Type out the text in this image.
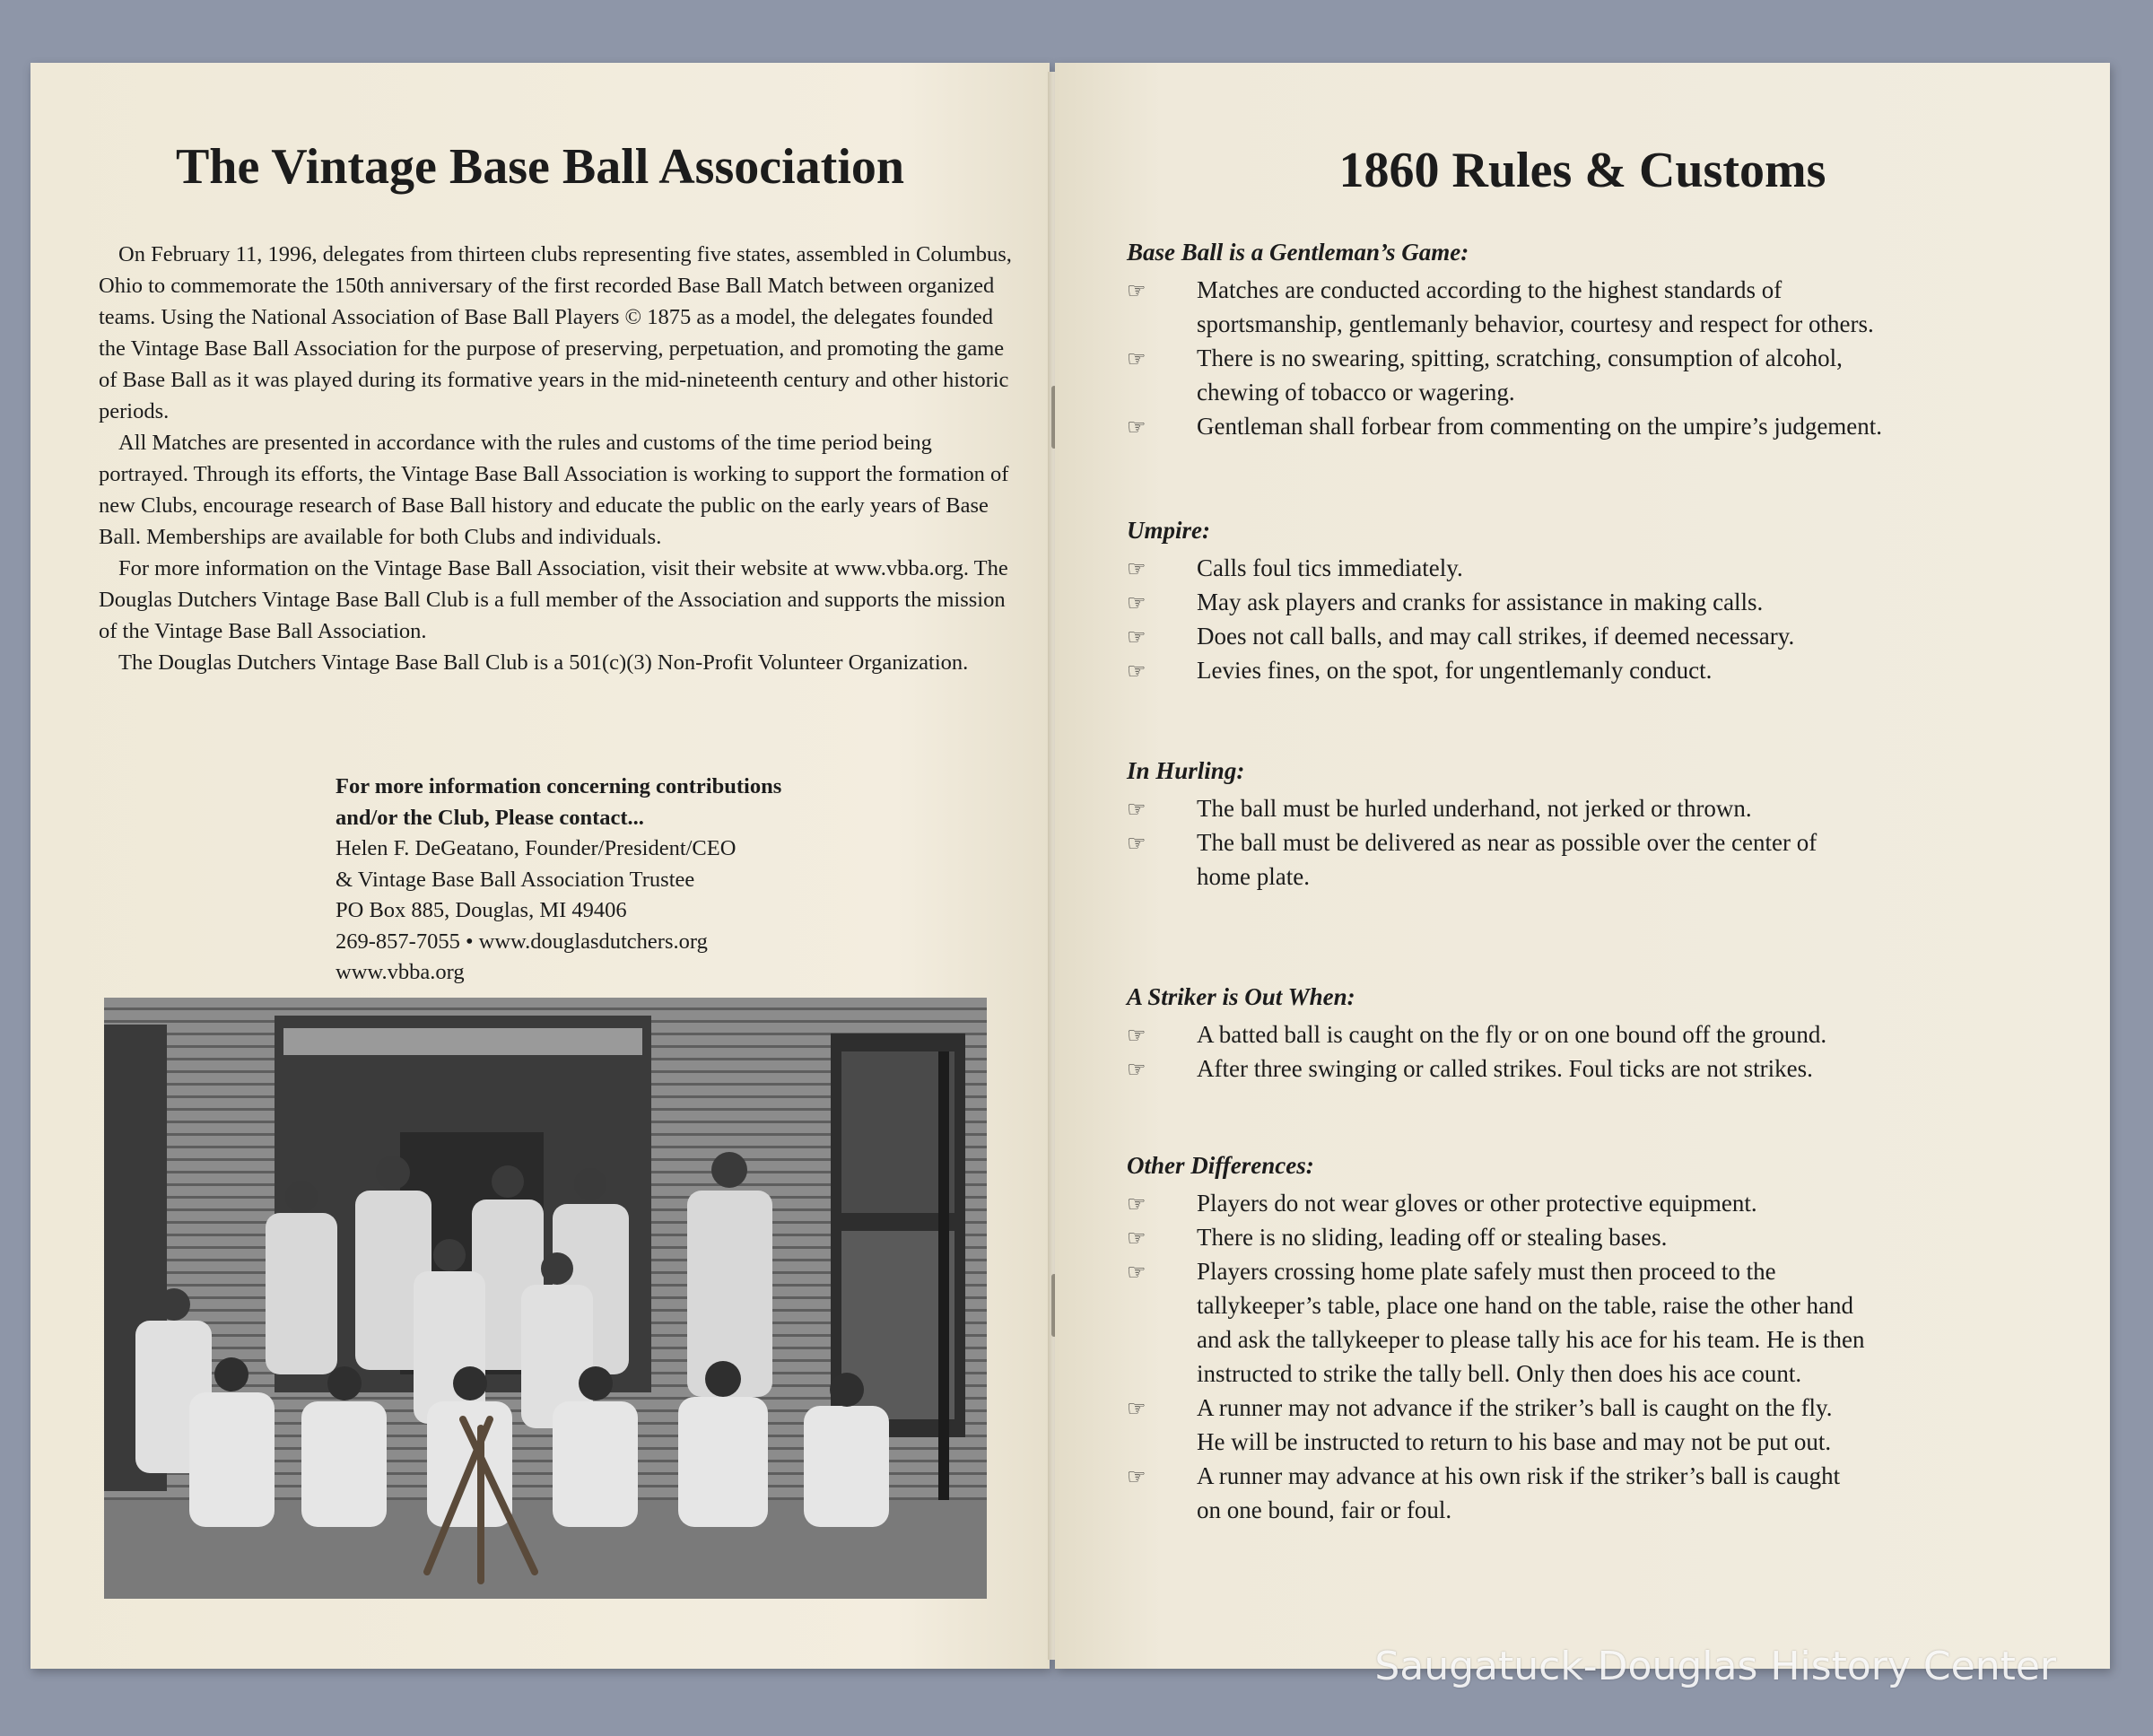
The Vintage Base Ball Association

On February 11, 1996, delegates from thirteen clubs representing five states, assembled in Columbus, Ohio to commemorate the 150th anniversary of the first recorded Base Ball Match between organized teams. Using the National Association of Base Ball Players © 1875 as a model, the delegates founded the Vintage Base Ball Association for the purpose of preserving, perpetuation, and promoting the game of Base Ball as it was played during its formative years in the mid-nineteenth century and other historic periods.

All Matches are presented in accordance with the rules and customs of the time period being portrayed. Through its efforts, the Vintage Base Ball Association is working to support the formation of new Clubs, encourage research of Base Ball history and educate the public on the early years of Base Ball. Memberships are available for both Clubs and individuals.

For more information on the Vintage Base Ball Association, visit their website at www.vbba.org. The Douglas Dutchers Vintage Base Ball Club is a full member of the Association and supports the mission of the Vintage Base Ball Association.

The Douglas Dutchers Vintage Base Ball Club is a 501(c)(3) Non-Profit Volunteer Organization.

For more information concerning contributions
and/or the Club, Please contact...
Helen F. DeGeatano, Founder/President/CEO
& Vintage Base Ball Association Trustee
PO Box 885, Douglas, MI 49406
269-857-7055 • www.douglasdutchers.org
www.vbba.org
1860 Rules & Customs
Base Ball is a Gentleman’s Game:
☞	Matches are conducted according to the highest standards of
sportsmanship, gentlemanly behavior, courtesy and respect for others.
☞	There is no swearing, spitting, scratching, consumption of alcohol,
chewing of tobacco or wagering.
☞	Gentleman shall forbear from commenting on the umpire’s judgement.
Umpire:
☞	Calls foul tics immediately.
☞	May ask players and cranks for assistance in making calls.
☞	Does not call balls, and may call strikes, if deemed necessary.
☞	Levies fines, on the spot, for ungentlemanly conduct.
In Hurling:
☞	The ball must be hurled underhand, not jerked or thrown.
☞	The ball must be delivered as near as possible over the center of
home plate.
A Striker is Out When:
☞	A batted ball is caught on the fly or on one bound off the ground.
☞	After three swinging or called strikes. Foul ticks are not strikes.
Other Differences:
☞	Players do not wear gloves or other protective equipment.
☞	There is no sliding, leading off or stealing bases.
☞	Players crossing home plate safely must then proceed to the
tallykeeper’s table, place one hand on the table, raise the other hand
and ask the tallykeeper to please tally his ace for his team. He is then
instructed to strike the tally bell. Only then does his ace count.
☞	A runner may not advance if the striker’s ball is caught on the fly.
He will be instructed to return to his base and may not be put out.
☞	A runner may advance at his own risk if the striker’s ball is caught
on one bound, fair or foul.
Saugatuck-Douglas History Center
